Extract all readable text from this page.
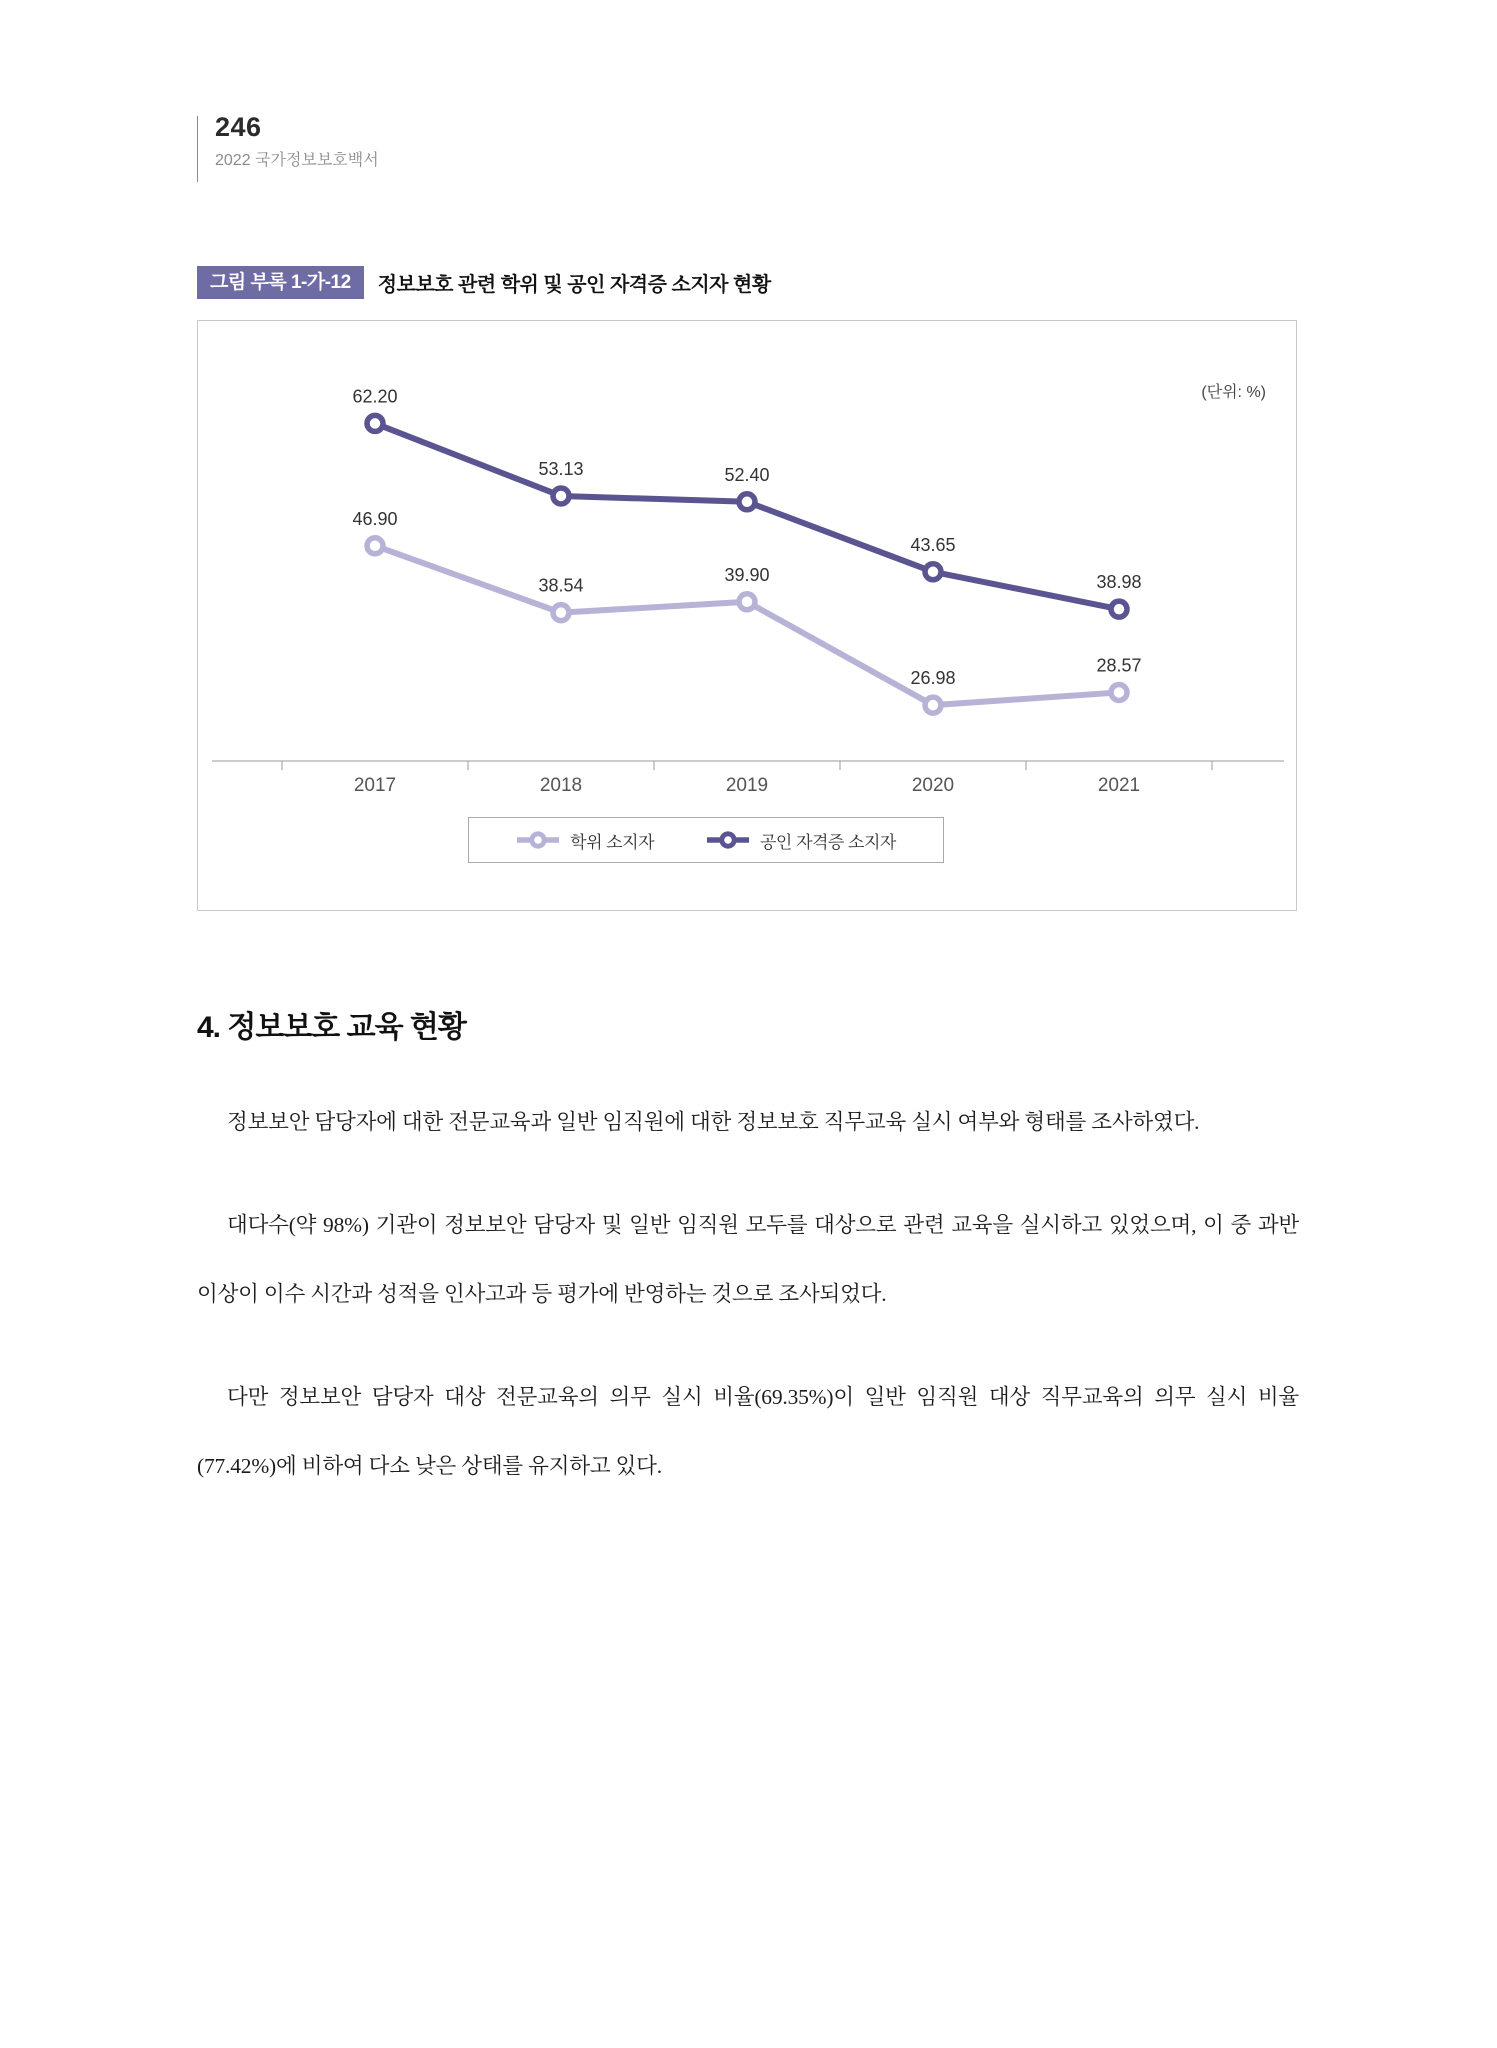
246

2022 국가정보보호백서

그림 부록 1-가-12	정보보호 관련 학위 및 공인 자격증 소지자 현황
(단위: %)
2017	2018	2019	2020	2021
46.90
38.54
39.90
26.98
28.57
62.20
53.13	52.40
43.65
38.98
학위 소지자	공인 자격증 소지자
4. 정보보호 교육 현황

정보보안 담당자에 대한 전문교육과 일반 임직원에 대한 정보보호 직무교육 실시 여부와 형태를 조사하였다.

대다수(약 98%) 기관이 정보보안 담당자 및 일반 임직원 모두를 대상으로 관련 교육을 실시하고 있었으며, 이 중 과반 이상이 이수 시간과 성적을 인사고과 등 평가에 반영하는 것으로 조사되었다.

다만 정보보안 담당자 대상 전문교육의 의무 실시 비율(69.35%)이 일반 임직원 대상 직무교육의 의무 실시 비율(77.42%)에 비하여 다소 낮은 상태를 유지하고 있다.
